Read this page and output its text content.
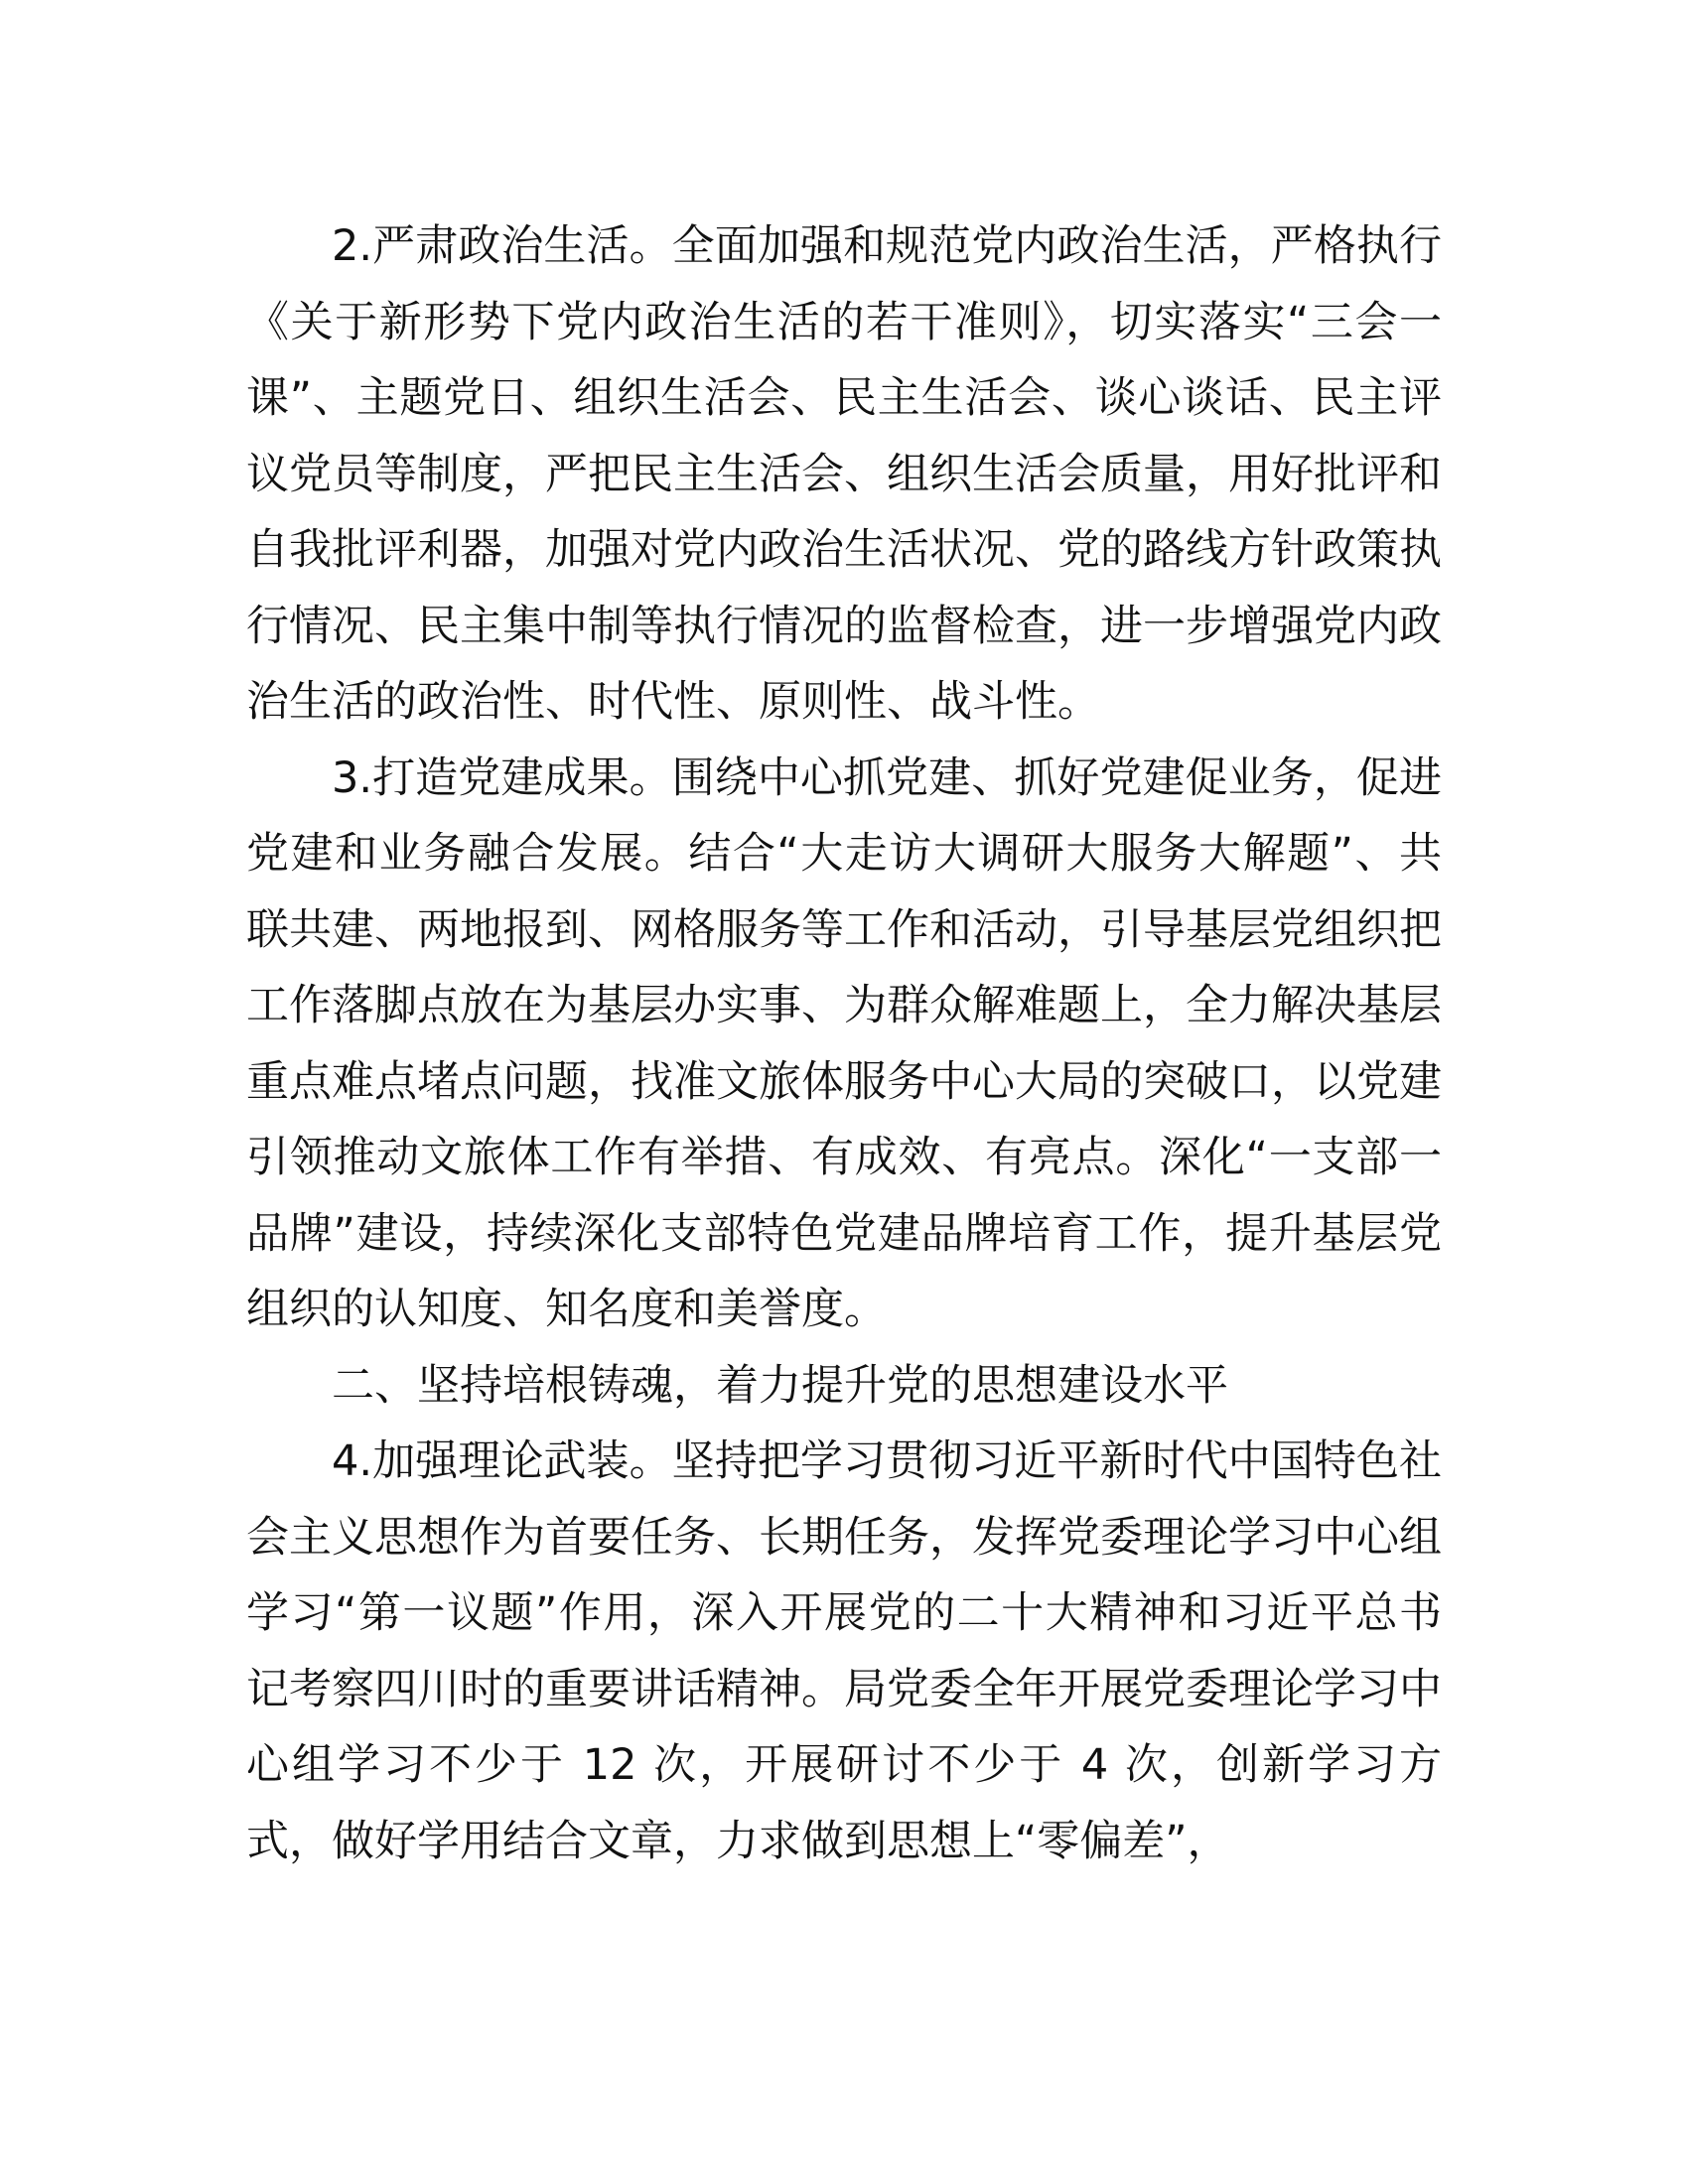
2.严肃政治生活。全面加强和规范党内政治生活，严格执行《关于新形势下党内政治生活的若干准则》，切实落实“三会一课”、主题党日、组织生活会、民主生活会、谈心谈话、民主评议党员等制度，严把民主生活会、组织生活会质量，用好批评和自我批评利器，加强对党内政治生活状况、党的路线方针政策执行情况、民主集中制等执行情况的监督检查，进一步增强党内政治生活的政治性、时代性、原则性、战斗性。

3.打造党建成果。围绕中心抓党建、抓好党建促业务，促进党建和业务融合发展。结合“大走访大调研大服务大解题”、共联共建、两地报到、网格服务等工作和活动，引导基层党组织把工作落脚点放在为基层办实事、为群众解难题上，全力解决基层重点难点堵点问题，找准文旅体服务中心大局的突破口，以党建引领推动文旅体工作有举措、有成效、有亮点。深化“一支部一品牌”建设，持续深化支部特色党建品牌培育工作，提升基层党组织的认知度、知名度和美誉度。

二、坚持培根铸魂，着力提升党的思想建设水平

4.加强理论武装。坚持把学习贯彻习近平新时代中国特色社会主义思想作为首要任务、长期任务，发挥党委理论学习中心组学习“第一议题”作用，深入开展党的二十大精神和习近平总书记考察四川时的重要讲话精神。局党委全年开展党委理论学习中心组学习不少于 12 次，开展研讨不少于 4 次，创新学习方式，做好学用结合文章，力求做到思想上“零偏差”，
